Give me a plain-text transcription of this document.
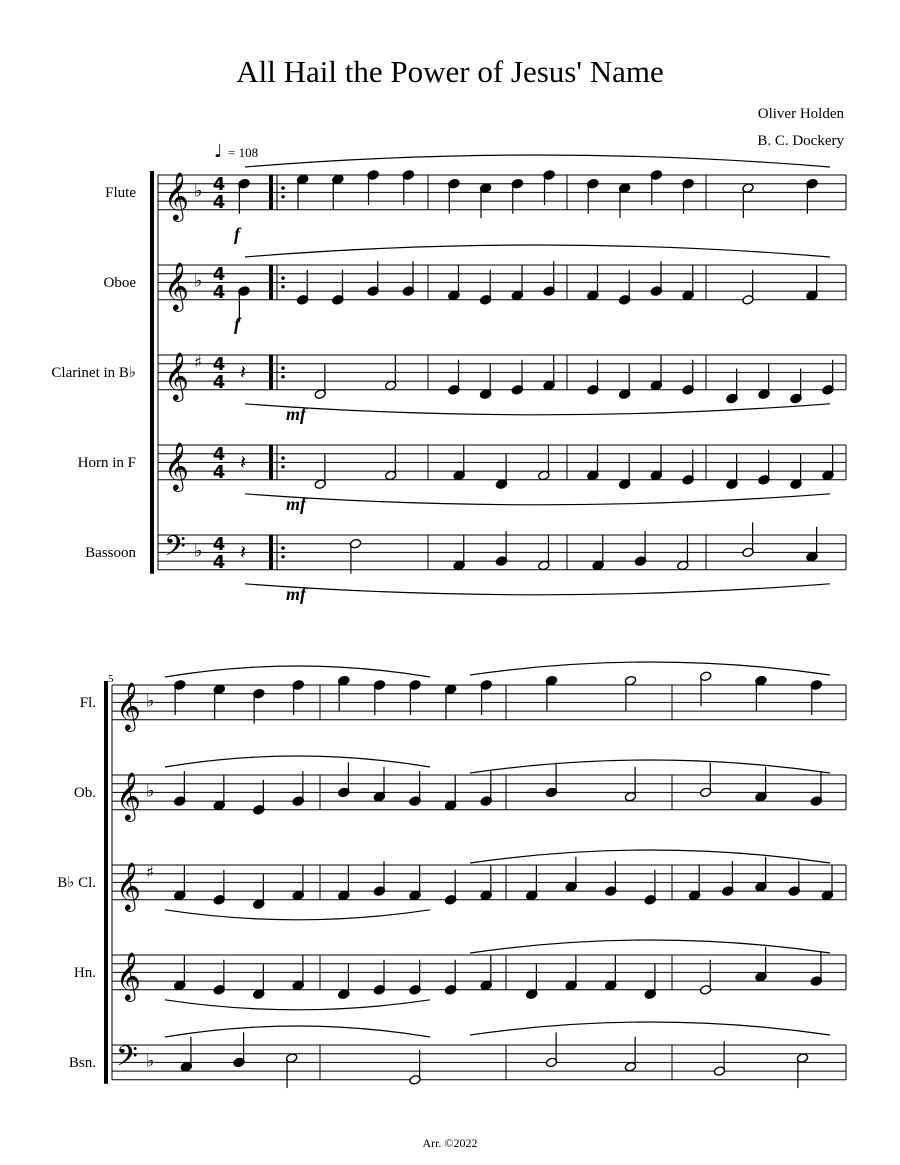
All Hail the Power of Jesus' Name
Oliver Holden
B. C. Dockery
♩ = 108
Flute 𝄞 ♭ 4
4
f
Oboe 𝄞 ♭ 4
4
f
Clarinet in B♭ 𝄞 ♯ 4
4 𝄽
mf
Horn in F 𝄞 4
4 𝄽
mf
Bassoon 𝄢 ♭ 4
4 𝄽
mf
5
Fl. 𝄞 ♭
Ob. 𝄞 ♭
B♭ Cl. 𝄞 ♯
Hn. 𝄞
Bsn. 𝄢 ♭
Arr. ©2022
